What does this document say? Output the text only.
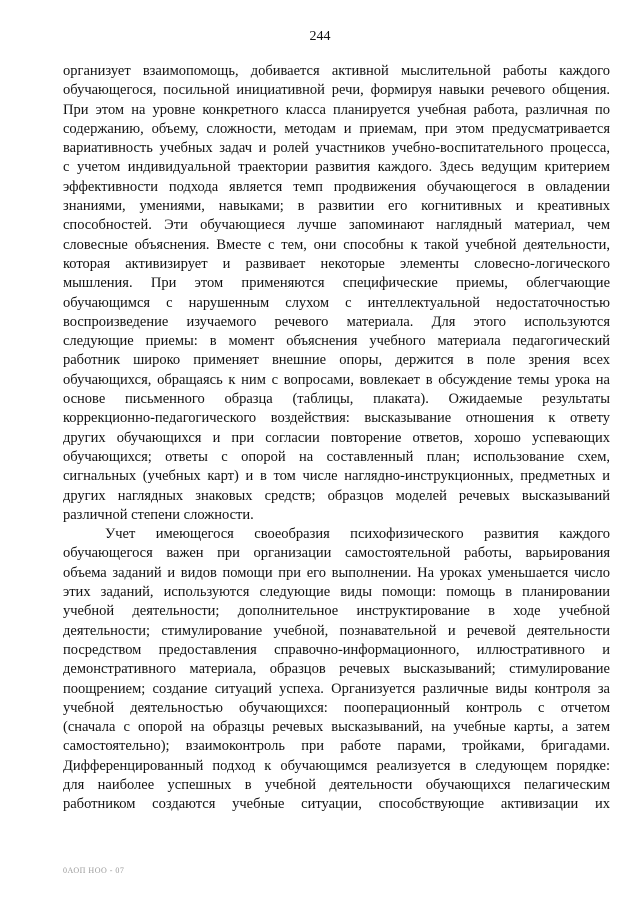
244
организует взаимопомощь, добивается активной мыслительной работы каждого
обучающегося, посильной инициативной речи, формируя навыки речевого общения.
При этом на уровне конкретного класса планируется учебная работа, различная по
содержанию, объему, сложности, методам и приемам, при этом предусматривается
вариативность учебных задач и ролей участников учебно-воспитательного процесса,
с учетом индивидуальной траектории развития каждого. Здесь ведущим критерием
эффективности подхода является темп продвижения обучающегося в овладении
знаниями, умениями, навыками; в развитии его когнитивных и креативных
способностей. Эти обучающиеся лучше запоминают наглядный материал, чем
словесные объяснения. Вместе с тем, они способны к такой учебной деятельности,
которая активизирует и развивает некоторые элементы словесно-логического
мышления. При этом применяются специфические приемы, облегчающие
обучающимся с нарушенным слухом с интеллектуальной недостаточностью
воспроизведение изучаемого речевого материала. Для этого используются
следующие приемы: в момент объяснения учебного материала педагогический
работник широко применяет внешние опоры, держится в поле зрения всех
обучающихся, обращаясь к ним с вопросами, вовлекает в обсуждение темы урока на
основе письменного образца (таблицы, плаката). Ожидаемые результаты
коррекционно-педагогического воздействия: высказывание отношения к ответу
других обучающихся и при согласии повторение ответов, хорошо успевающих
обучающихся; ответы с опорой на составленный план; использование схем,
сигнальных (учебных карт) и в том числе наглядно-инструкционных, предметных и
других наглядных знаковых средств; образцов моделей речевых высказываний
различной степени сложности.
Учет имеющегося своеобразия психофизического развития каждого
обучающегося важен при организации самостоятельной работы, варьирования
объема заданий и видов помощи при его выполнении. На уроках уменьшается число
этих заданий, используются следующие виды помощи: помощь в планировании
учебной деятельности; дополнительное инструктирование в ходе учебной
деятельности; стимулирование учебной, познавательной и речевой деятельности
посредством предоставления справочно-информационного, иллюстративного и
демонстративного материала, образцов речевых высказываний; стимулирование
поощрением; создание ситуаций успеха. Организуется различные виды контроля за
учебной деятельностью обучающихся: пооперационный контроль с отчетом
(сначала с опорой на образцы речевых высказываний, на учебные карты, а затем
самостоятельно); взаимоконтроль при работе парами, тройками, бригадами.
Дифференцированный подход к обучающимся реализуется в следующем порядке:
для наиболее успешных в учебной деятельности обучающихся пелагическим
работником создаются учебные ситуации, способствующие активизации их
0АОП НОО - 07
